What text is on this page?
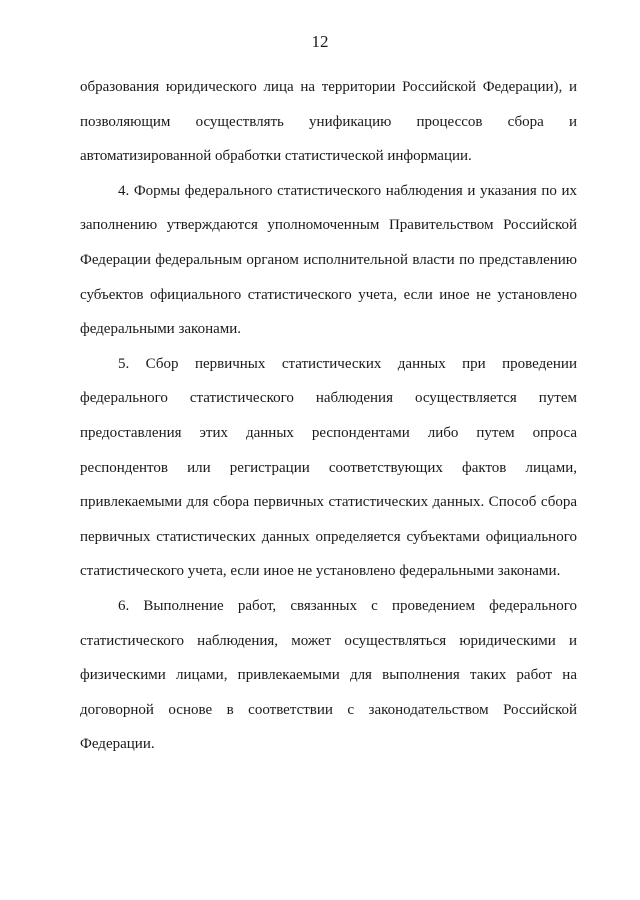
12

образования юридического лица на территории Российской Федерации), и позволяющим осуществлять унификацию процессов сбора и автоматизированной обработки статистической информации.

4. Формы федерального статистического наблюдения и указания по их заполнению утверждаются уполномоченным Правительством Российской Федерации федеральным органом исполнительной власти по представлению субъектов официального статистического учета, если иное не установлено федеральными законами.

5. Сбор первичных статистических данных при проведении федерального статистического наблюдения осуществляется путем предоставления этих данных респондентами либо путем опроса респондентов или регистрации соответствующих фактов лицами, привлекаемыми для сбора первичных статистических данных. Способ сбора первичных статистических данных определяется субъектами официального статистического учета, если иное не установлено федеральными законами.

6. Выполнение работ, связанных с проведением федерального статистического наблюдения, может осуществляться юридическими и физическими лицами, привлекаемыми для выполнения таких работ на договорной основе в соответствии с законодательством Российской Федерации.
